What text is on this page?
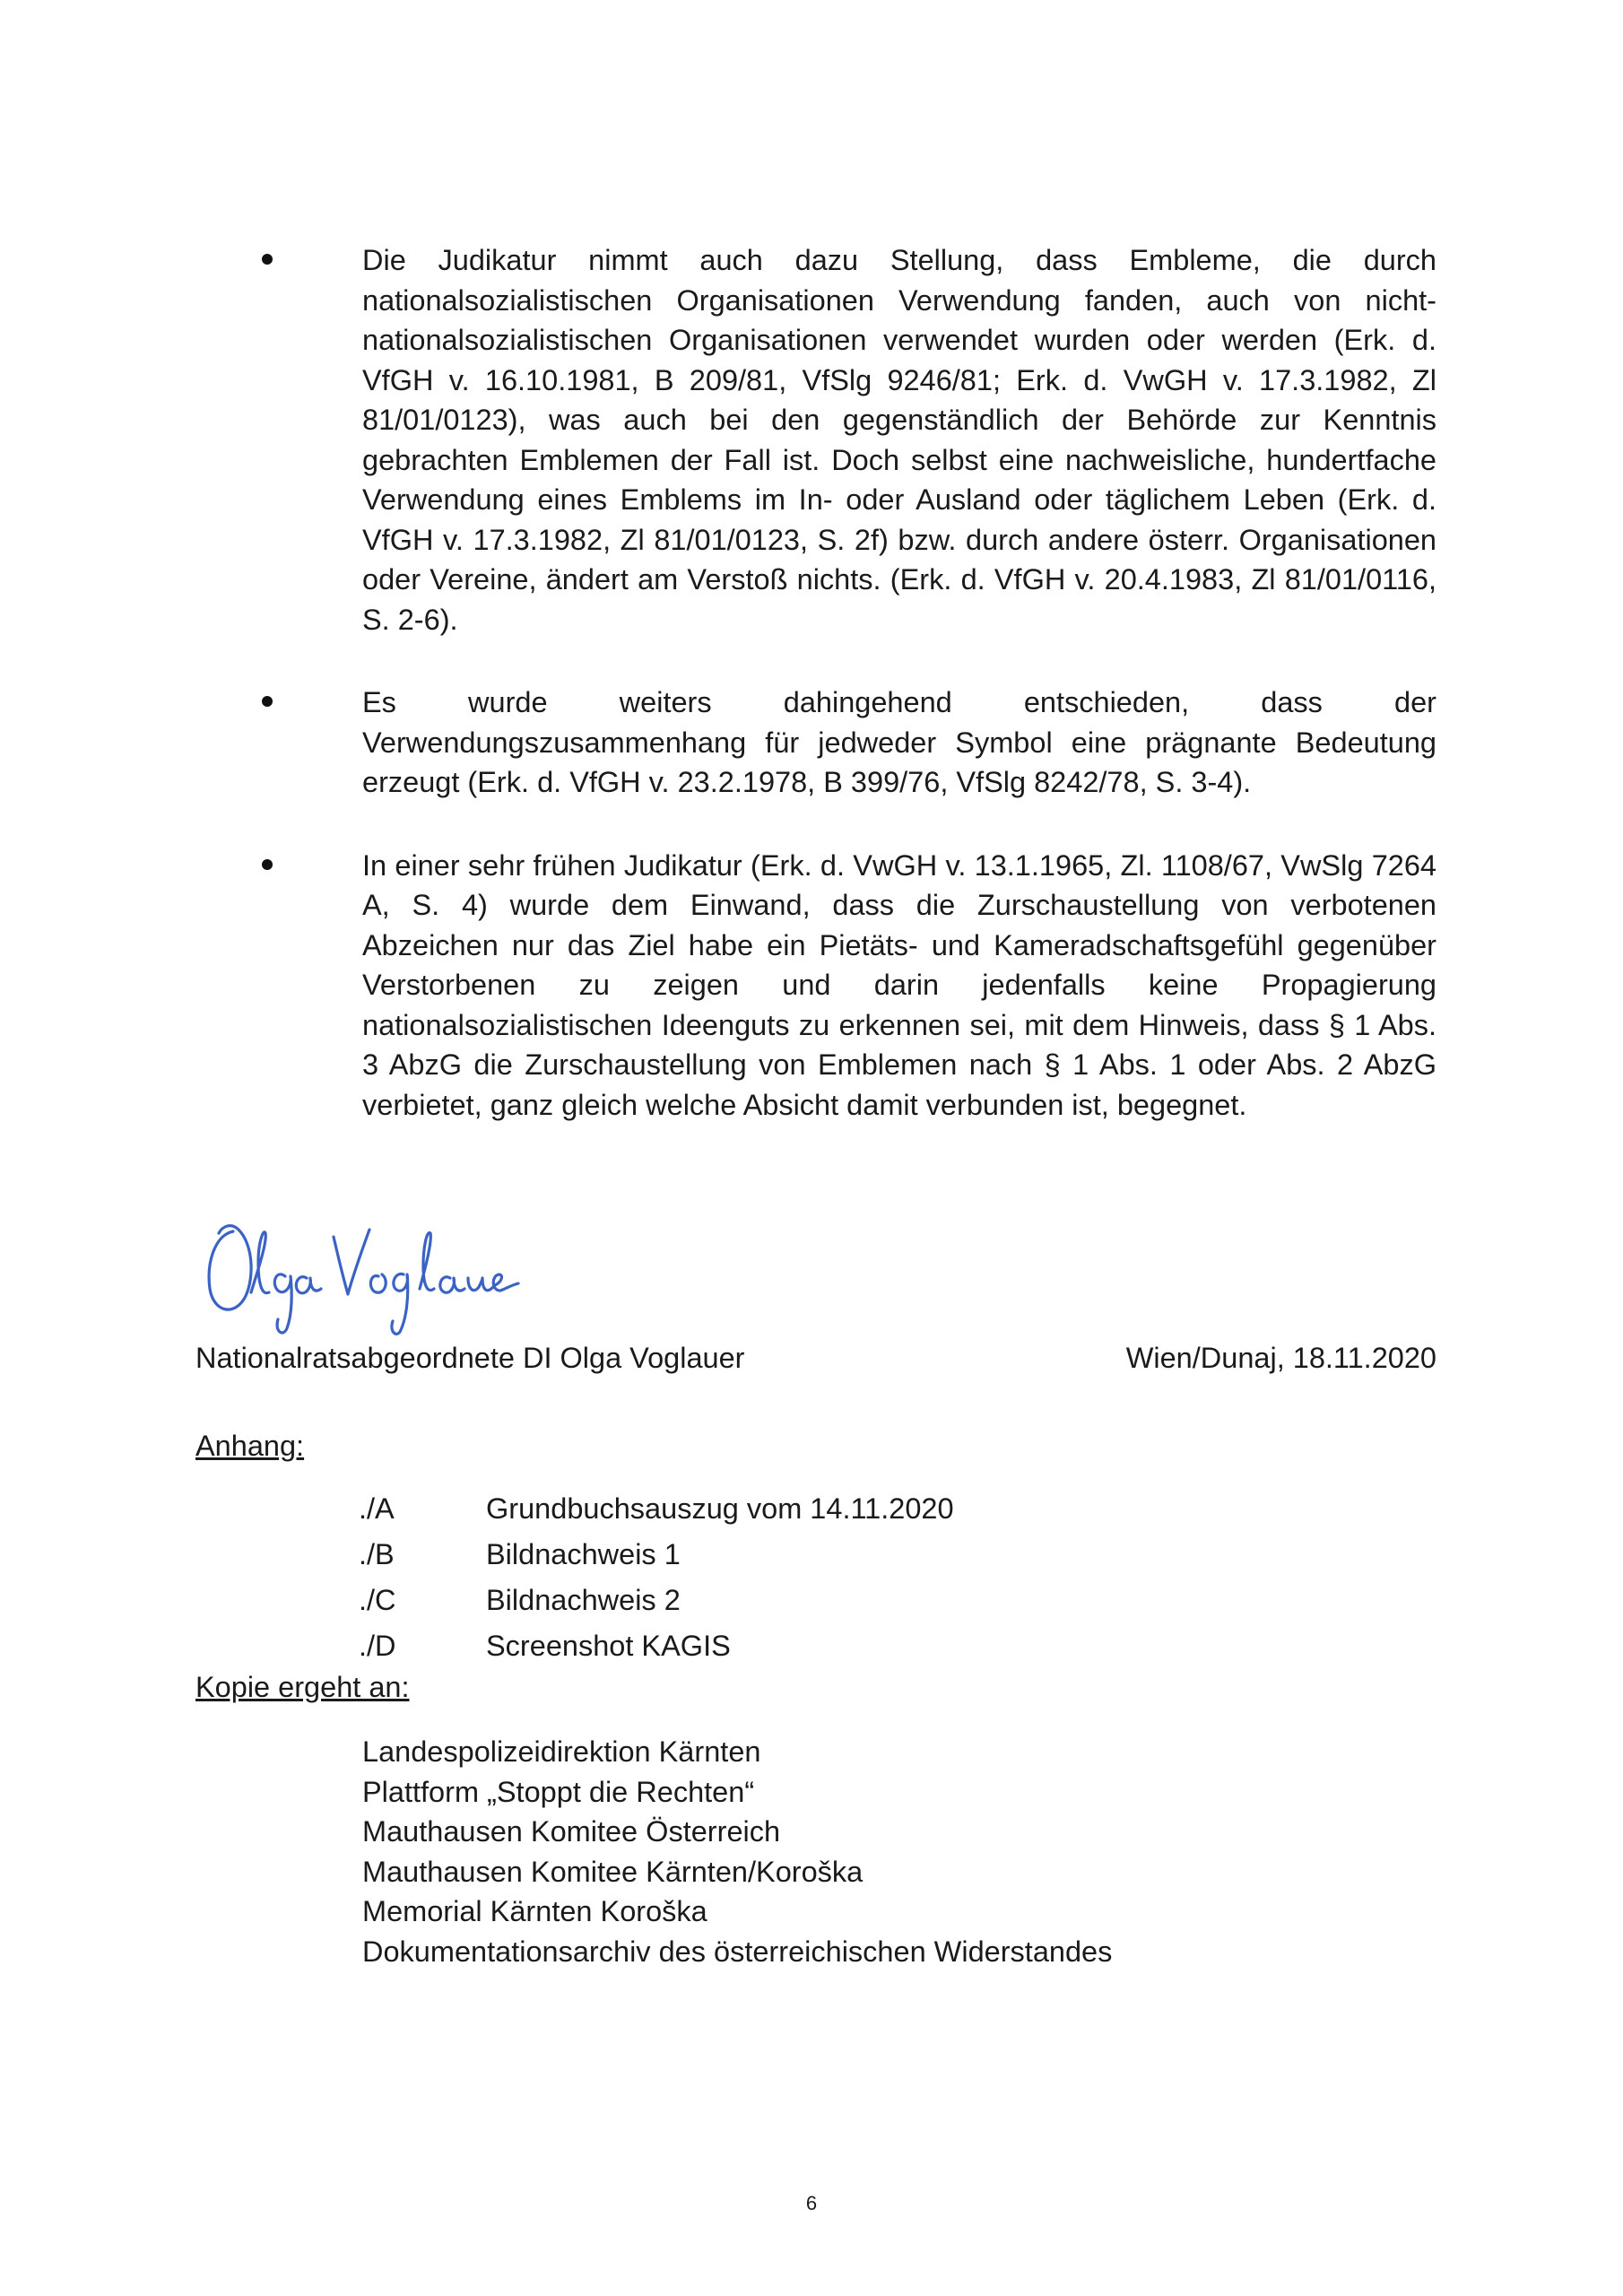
Die Judikatur nimmt auch dazu Stellung, dass Embleme, die durch nationalsozialistischen Organisationen Verwendung fanden, auch von nicht-nationalsozialistischen Organisationen verwendet wurden oder werden (Erk. d. VfGH v. 16.10.1981, B 209/81, VfSlg 9246/81; Erk. d. VwGH v. 17.3.1982, Zl 81/01/0123), was auch bei den gegenständlich der Behörde zur Kenntnis gebrachten Emblemen der Fall ist. Doch selbst eine nachweisliche, hundertfache Verwendung eines Emblems im In- oder Ausland oder täglichem Leben (Erk. d. VfGH v. 17.3.1982, Zl 81/01/0123, S. 2f) bzw. durch andere österr. Organisationen oder Vereine, ändert am Verstoß nichts. (Erk. d. VfGH v. 20.4.1983, Zl 81/01/0116, S. 2-6).

Es wurde weiters dahingehend entschieden, dass der Verwendungszusammenhang für jedweder Symbol eine prägnante Bedeutung erzeugt (Erk. d. VfGH v. 23.2.1978, B 399/76, VfSlg 8242/78, S. 3-4).

In einer sehr frühen Judikatur (Erk. d. VwGH v. 13.1.1965, Zl. 1108/67, VwSlg 7264 A, S. 4) wurde dem Einwand, dass die Zurschaustellung von verbotenen Abzeichen nur das Ziel habe ein Pietäts- und Kameradschaftsgefühl gegenüber Verstorbenen zu zeigen und darin jedenfalls keine Propagierung nationalsozialistischen Ideenguts zu erkennen sei, mit dem Hinweis, dass § 1 Abs. 3 AbzG die Zurschaustellung von Emblemen nach § 1 Abs. 1 oder Abs. 2 AbzG verbietet, ganz gleich welche Absicht damit verbunden ist, begegnet.

Nationalratsabgeordnete DI Olga Voglauer	Wien/Dunaj, 18.11.2020
Anhang:
./A	Grundbuchsauszug vom 14.11.2020
./B	Bildnachweis 1
./C	Bildnachweis 2
./D	Screenshot KAGIS
Kopie ergeht an:
Landespolizeidirektion Kärnten
Plattform „Stoppt die Rechten“
Mauthausen Komitee Österreich
Mauthausen Komitee Kärnten/Koroška
Memorial Kärnten Koroška
Dokumentationsarchiv des österreichischen Widerstandes
6
